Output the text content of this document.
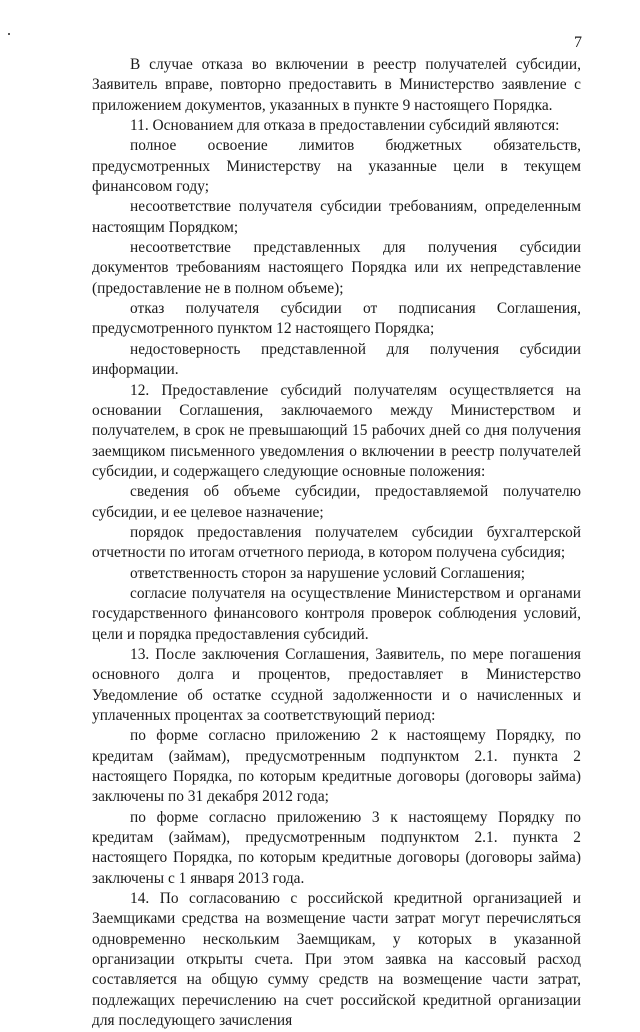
7

В случае отказа во включении в реестр получателей субсидии, Заявитель вправе, повторно предоставить в Министерство заявление с приложением документов, указанных в пункте 9 настоящего Порядка.

11. Основанием для отказа в предоставлении субсидий являются:

полное освоение лимитов бюджетных обязательств, предусмотренных Министерству на указанные цели в текущем финансовом году;

несоответствие получателя субсидии требованиям, определенным настоящим Порядком;

несоответствие представленных для получения субсидии документов требованиям настоящего Порядка или их непредставление (предоставление не в полном объеме);

отказ получателя субсидии от подписания Соглашения, предусмотренного пунктом 12 настоящего Порядка;

недостоверность представленной для получения субсидии информации.

12. Предоставление субсидий получателям осуществляется на основании Соглашения, заключаемого между Министерством и получателем, в срок не превышающий 15 рабочих дней со дня получения заемщиком письменного уведомления о включении в реестр получателей субсидии, и содержащего следующие основные положения:

сведения об объеме субсидии, предоставляемой получателю субсидии, и ее целевое назначение;

порядок предоставления получателем субсидии бухгалтерской отчетности по итогам отчетного периода, в котором получена субсидия;

ответственность сторон за нарушение условий Соглашения;

согласие получателя на осуществление Министерством и органами государственного финансового контроля проверок соблюдения условий, цели и порядка предоставления субсидий.

13. После заключения Соглашения, Заявитель, по мере погашения основного долга и процентов, предоставляет в Министерство Уведомление об остатке ссудной задолженности и о начисленных и уплаченных процентах за соответствующий период:

по форме согласно приложению 2 к настоящему Порядку, по кредитам (займам), предусмотренным подпунктом 2.1. пункта 2 настоящего Порядка, по которым кредитные договоры (договоры займа) заключены по 31 декабря 2012 года;

по форме согласно приложению 3 к настоящему Порядку по кредитам (займам), предусмотренным подпунктом 2.1. пункта 2 настоящего Порядка, по которым кредитные договоры (договоры займа) заключены с 1 января 2013 года.

14. По согласованию с российской кредитной организацией и Заемщиками средства на возмещение части затрат могут перечисляться одновременно нескольким Заемщикам, у которых в указанной организации открыты счета. При этом заявка на кассовый расход составляется на общую сумму средств на возмещение части затрат, подлежащих перечислению на счет российской кредитной организации для последующего зачисления
